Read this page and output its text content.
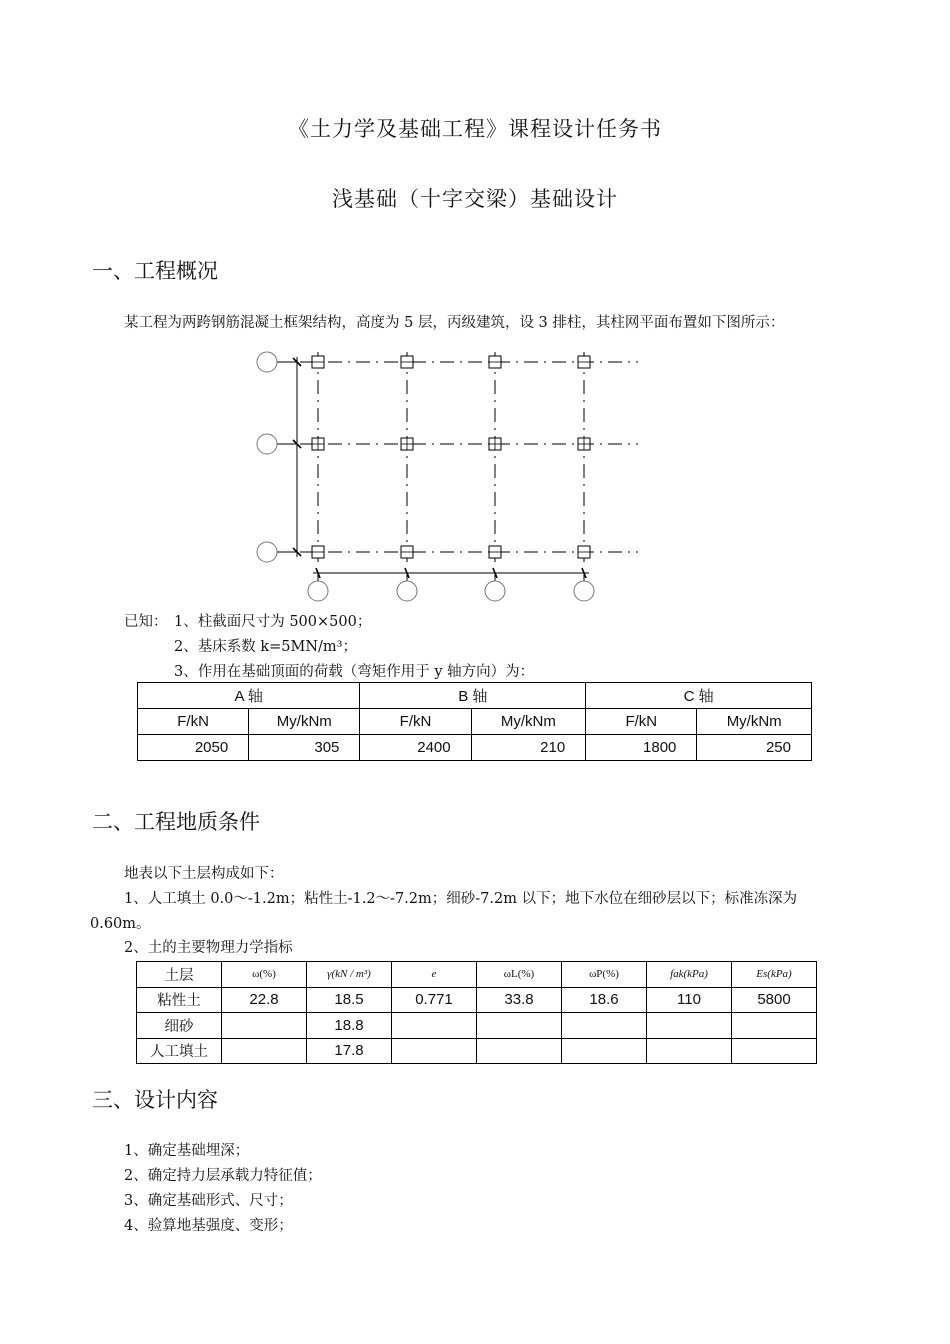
《土力学及基础工程》课程设计任务书
浅基础（十字交梁）基础设计
一、工程概况
某工程为两跨钢筋混凝土框架结构，高度为 5 层，丙级建筑，设 3 排柱，其柱网平面布置如下图所示：
已知： 1、柱截面尺寸为 500×500；
2、基床系数 k=5MN/m³；
3、作用在基础顶面的荷载（弯矩作用于 y 轴方向）为：
A 轴		B 轴		C 轴	
F/kN	My/kNm	F/kN	My/kNm	F/kN	My/kNm
2050	305	2400	210	1800	250
二、工程地质条件
地表以下土层构成如下：
1、人工填土 0.0～-1.2m；粘性土-1.2～-7.2m；细砂-7.2m 以下；地下水位在细砂层以下；标准冻深为
0.60m。
2、土的主要物理力学指标
土层	ω(%)	γ(kN / m³)	e	ωL(%)	ωP(%)	fak(kPa)	Es(kPa)
粘性土	22.8	18.5	0.771	33.8	18.6	110	5800
细砂		18.8					
人工填土		17.8					
三、设计内容
1、确定基础埋深；
2、确定持力层承载力特征值；
3、确定基础形式、尺寸；
4、验算地基强度、变形；
